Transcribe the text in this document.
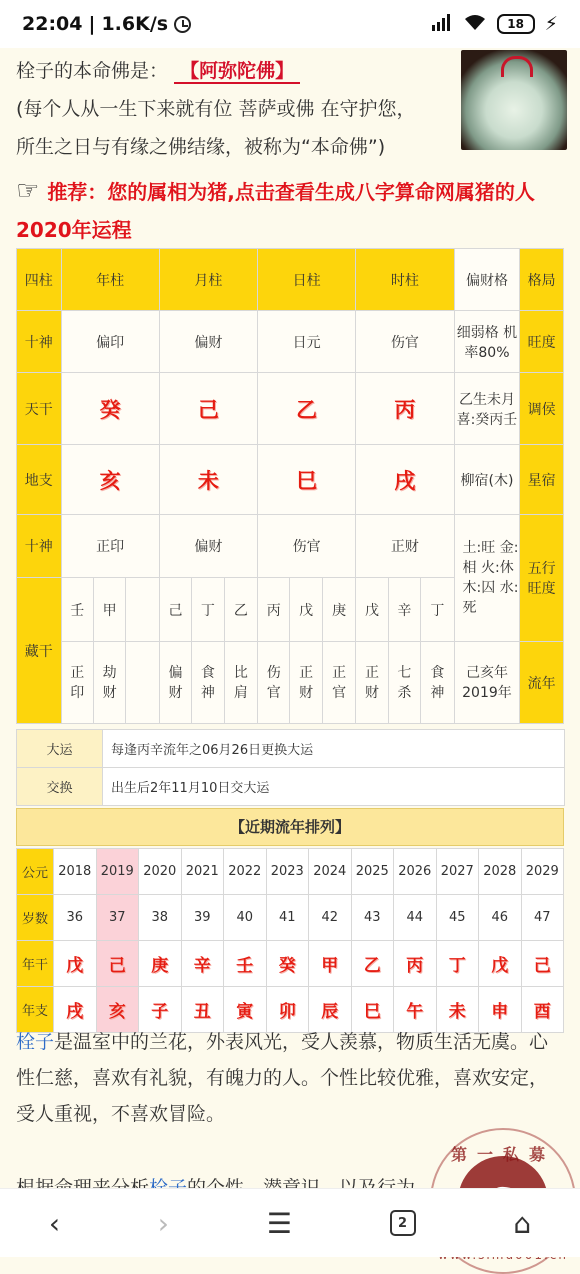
22:04 | 1.6K/s	18	⚡
栓子的本命佛是： 【阿弥陀佛】
(每个人从一生下来就有位 菩萨或佛 在守护您，
所生之日与有缘之佛结缘，被称为“本命佛”)
☞ 推荐：您的属相为猪,点击查看生成八字算命网属猪的人2020年运程
四柱	年柱			月柱			日柱			时柱			偏财格	格局
十神	偏印			偏财			日元			伤官			细弱格 机率80%	旺度
天干	癸			己			乙			丙			乙生未月 喜:癸丙壬	调侯
地支	亥			未			巳			戌			柳宿(木)	星宿
十神	正印			偏财			伤官			正财			土:旺 金:相 火:休 木:囚 水:死	五行旺度
藏干	壬	甲		己	丁	乙	丙	戊	庚	戊	辛	丁		
	正印	劫财		偏财	食神	比肩	伤官	正财	正官	正财	七杀	食神	己亥年 2019年	流年
大运	每逢丙辛流年之06月26日更换大运
交换	出生后2年11月10日交大运
【近期流年排列】
公元	2018	2019	2020	2021	2022	2023	2024	2025	2026	2027	2028	2029
岁数	36	37	38	39	40	41	42	43	44	45	46	47
年干	戊	己	庚	辛	壬	癸	甲	乙	丙	丁	戊	己
年支	戌	亥	子	丑	寅	卯	辰	巳	午	未	申	酉
栓子是温室中的兰花，外表风光，受人羡慕，物质生活无虞。心性仁慈，喜欢有礼貌，有魄力的人。个性比较优雅，喜欢安定，受人重视，不喜欢冒险。
第一私募
‹	›	☰	2	⌂
